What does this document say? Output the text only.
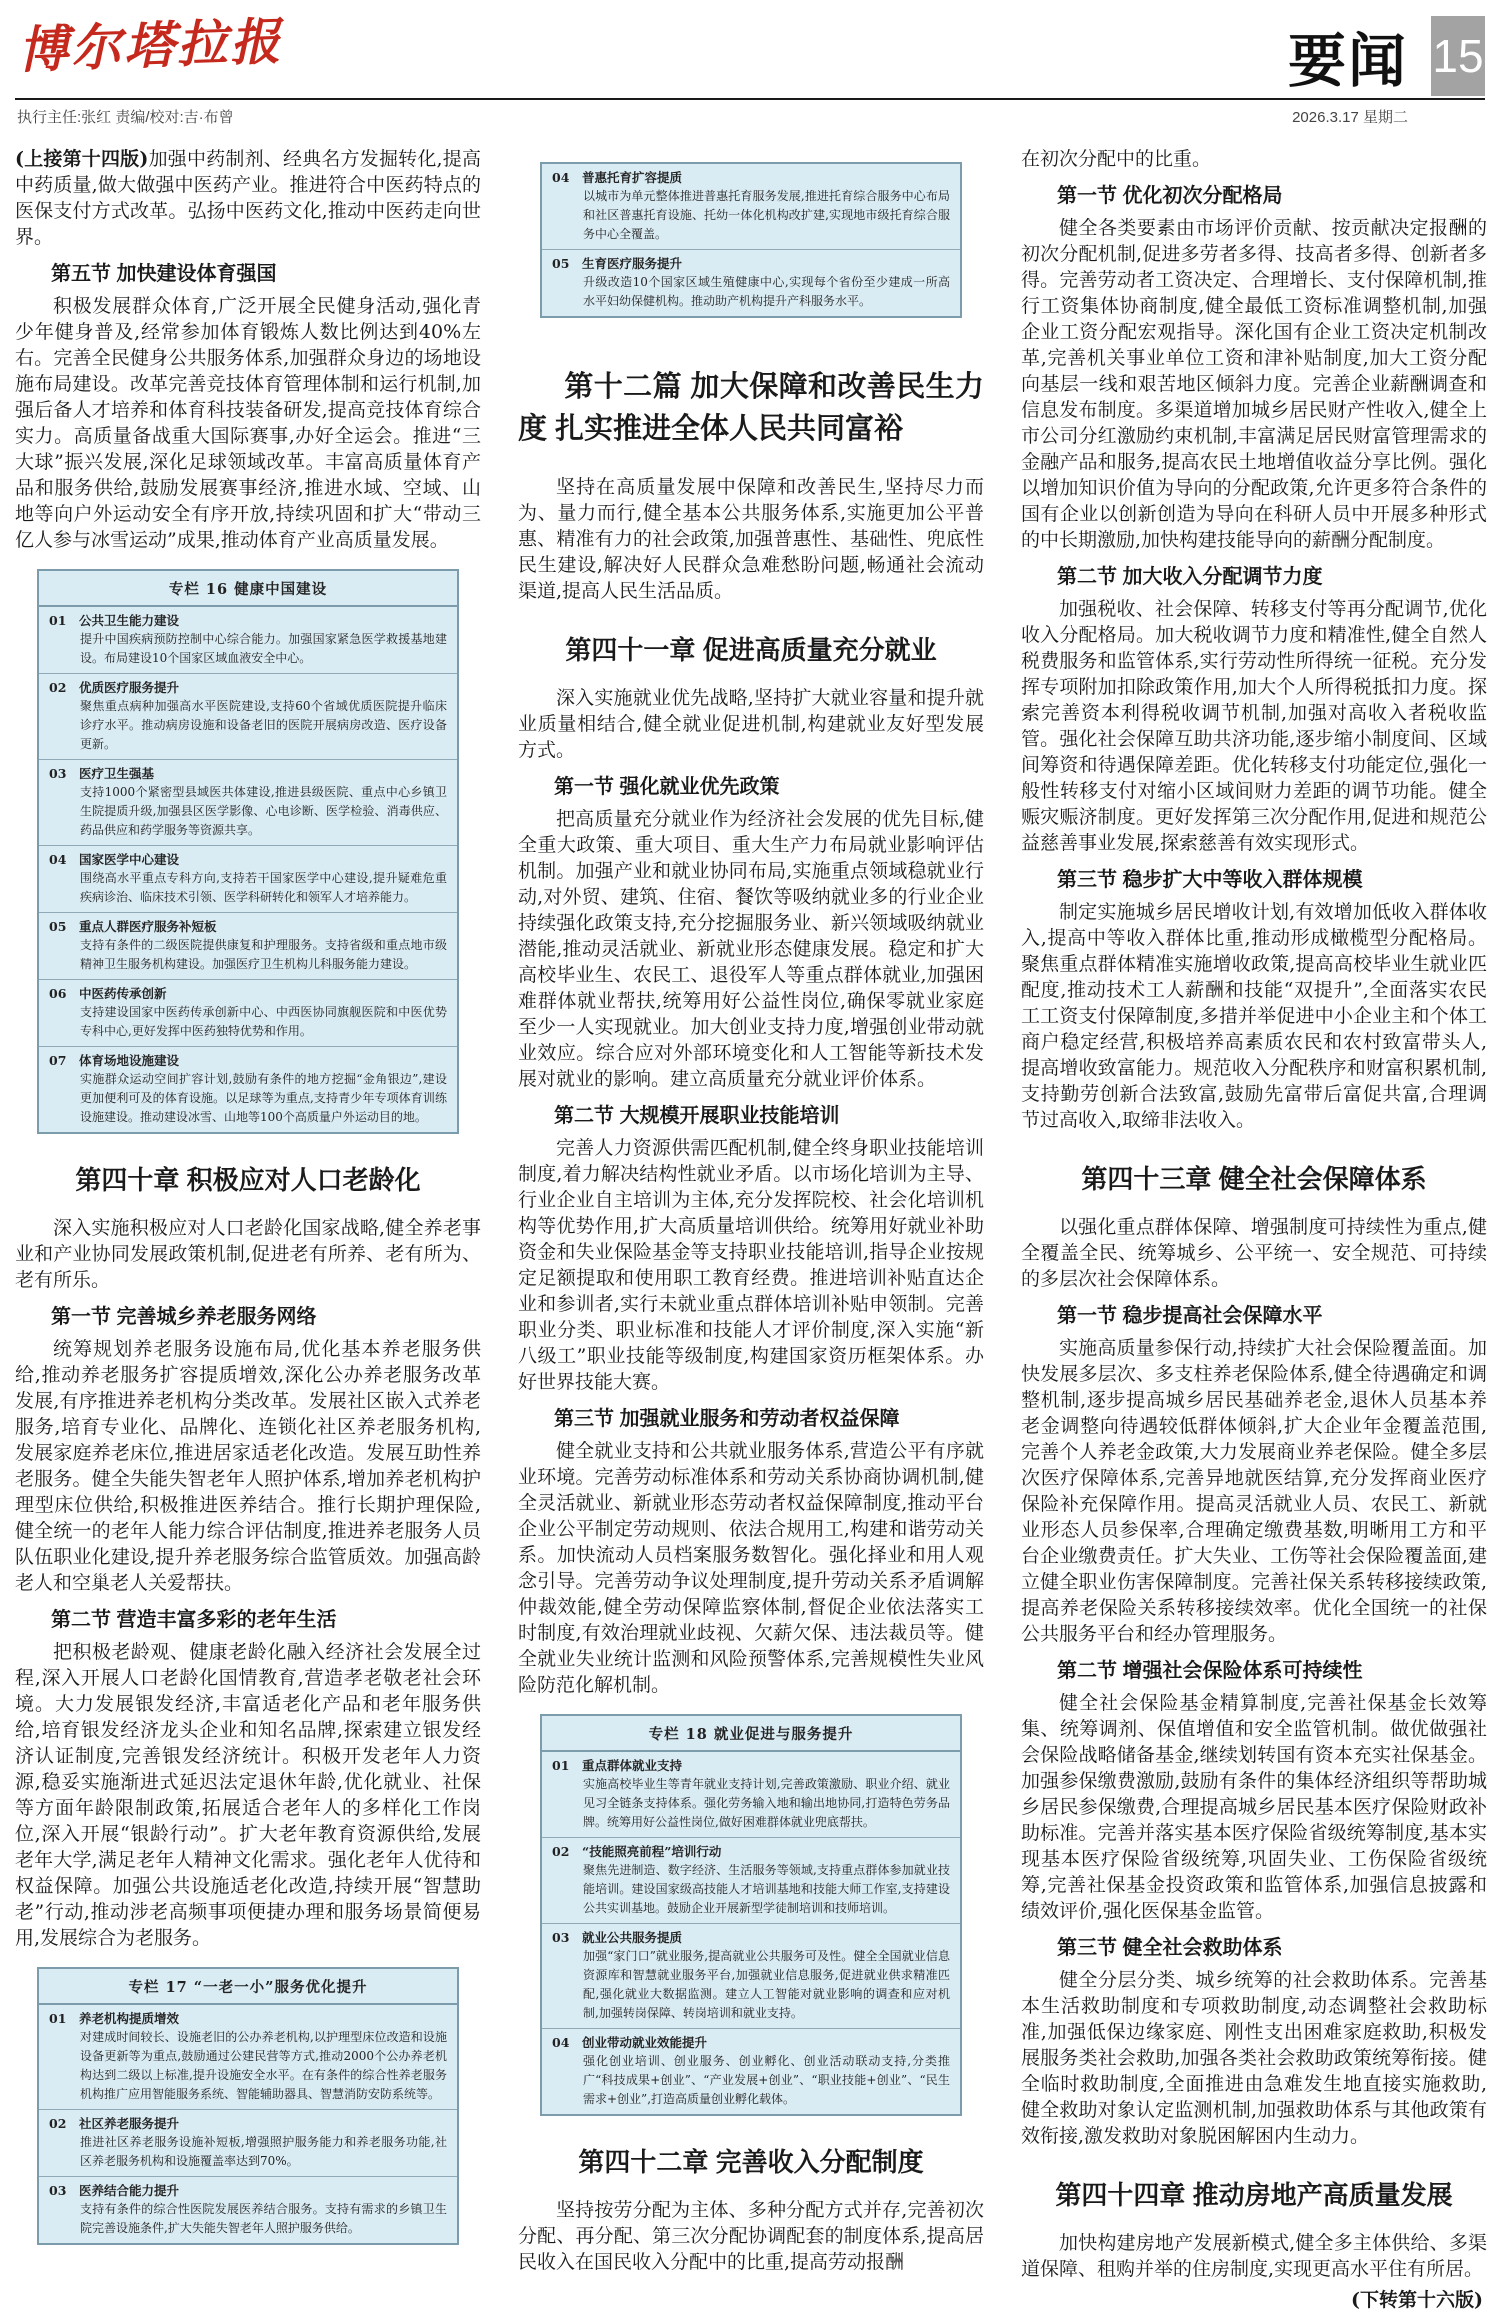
博尔塔拉报	要闻 15
执行主任:张红 责编/校对:吉·布曾	2026.3.17 星期二

(上接第十四版)加强中药制剂、经典名方发掘转化,提高中药质量,做大做强中医药产业。推进符合中医药特点的医保支付方式改革。弘扬中医药文化,推动中医药走向世界。

第五节 加快建设体育强国

积极发展群众体育,广泛开展全民健身活动,强化青少年健身普及,经常参加体育锻炼人数比例达到40%左右。完善全民健身公共服务体系,加强群众身边的场地设施布局建设。改革完善竞技体育管理体制和运行机制,加强后备人才培养和体育科技装备研发,提高竞技体育综合实力。高质量备战重大国际赛事,办好全运会。推进“三大球”振兴发展,深化足球领域改革。丰富高质量体育产品和服务供给,鼓励发展赛事经济,推进水域、空域、山地等向户外运动安全有序开放,持续巩固和扩大“带动三亿人参与冰雪运动”成果,推动体育产业高质量发展。

专栏 16 健康中国建设
01 公共卫生能力建设
提升中国疾病预防控制中心综合能力。加强国家紧急医学救援基地建设。布局建设10个国家区域血液安全中心。
02 优质医疗服务提升
聚焦重点病种加强高水平医院建设,支持60个省域优质医院提升临床诊疗水平。推动病房设施和设备老旧的医院开展病房改造、医疗设备更新。
03 医疗卫生强基
支持1000个紧密型县域医共体建设,推进县级医院、重点中心乡镇卫生院提质升级,加强县区医学影像、心电诊断、医学检验、消毒供应、药品供应和药学服务等资源共享。
04 国家医学中心建设
围绕高水平重点专科方向,支持若干国家医学中心建设,提升疑难危重疾病诊治、临床技术引领、医学科研转化和领军人才培养能力。
05 重点人群医疗服务补短板
支持有条件的二级医院提供康复和护理服务。支持省级和重点地市级精神卫生服务机构建设。加强医疗卫生机构儿科服务能力建设。
06 中医药传承创新
支持建设国家中医药传承创新中心、中西医协同旗舰医院和中医优势专科中心,更好发挥中医药独特优势和作用。
07 体育场地设施建设
实施群众运动空间扩容计划,鼓励有条件的地方挖掘“金角银边”,建设更加便利可及的体育设施。以足球等为重点,支持青少年专项体育训练设施建设。推动建设冰雪、山地等100个高质量户外运动目的地。
第四十章 积极应对人口老龄化

深入实施积极应对人口老龄化国家战略,健全养老事业和产业协同发展政策机制,促进老有所养、老有所为、老有所乐。

第一节 完善城乡养老服务网络

统筹规划养老服务设施布局,优化基本养老服务供给,推动养老服务扩容提质增效,深化公办养老服务改革发展,有序推进养老机构分类改革。发展社区嵌入式养老服务,培育专业化、品牌化、连锁化社区养老服务机构,发展家庭养老床位,推进居家适老化改造。发展互助性养老服务。健全失能失智老年人照护体系,增加养老机构护理型床位供给,积极推进医养结合。推行长期护理保险,健全统一的老年人能力综合评估制度,推进养老服务人员队伍职业化建设,提升养老服务综合监管质效。加强高龄老人和空巢老人关爱帮扶。

第二节 营造丰富多彩的老年生活

把积极老龄观、健康老龄化融入经济社会发展全过程,深入开展人口老龄化国情教育,营造孝老敬老社会环境。大力发展银发经济,丰富适老化产品和老年服务供给,培育银发经济龙头企业和知名品牌,探索建立银发经济认证制度,完善银发经济统计。积极开发老年人力资源,稳妥实施渐进式延迟法定退休年龄,优化就业、社保等方面年龄限制政策,拓展适合老年人的多样化工作岗位,深入开展“银龄行动”。扩大老年教育资源供给,发展老年大学,满足老年人精神文化需求。强化老年人优待和权益保障。加强公共设施适老化改造,持续开展“智慧助老”行动,推动涉老高频事项便捷办理和服务场景简便易用,发展综合为老服务。

专栏 17 “一老一小”服务优化提升
01 养老机构提质增效
对建成时间较长、设施老旧的公办养老机构,以护理型床位改造和设施设备更新等为重点,鼓励通过公建民营等方式,推动2000个公办养老机构达到二级以上标准,提升设施安全水平。在有条件的综合性养老服务机构推广应用智能服务系统、智能辅助器具、智慧消防安防系统等。
02 社区养老服务提升
推进社区养老服务设施补短板,增强照护服务能力和养老服务功能,社区养老服务机构和设施覆盖率达到70%。
03 医养结合能力提升
支持有条件的综合性医院发展医养结合服务。支持有需求的乡镇卫生院完善设施条件,扩大失能失智老年人照护服务供给。
04 普惠托育扩容提质
以城市为单元整体推进普惠托育服务发展,推进托育综合服务中心布局和社区普惠托育设施、托幼一体化机构改扩建,实现地市级托育综合服务中心全覆盖。
05 生育医疗服务提升
升级改造10个国家区域生殖健康中心,实现每个省份至少建成一所高水平妇幼保健机构。推动助产机构提升产科服务水平。
第十二篇 加大保障和改善民生力度 扎实推进全体人民共同富裕

坚持在高质量发展中保障和改善民生,坚持尽力而为、量力而行,健全基本公共服务体系,实施更加公平普惠、精准有力的社会政策,加强普惠性、基础性、兜底性民生建设,解决好人民群众急难愁盼问题,畅通社会流动渠道,提高人民生活品质。

第四十一章 促进高质量充分就业

深入实施就业优先战略,坚持扩大就业容量和提升就业质量相结合,健全就业促进机制,构建就业友好型发展方式。

第一节 强化就业优先政策

把高质量充分就业作为经济社会发展的优先目标,健全重大政策、重大项目、重大生产力布局就业影响评估机制。加强产业和就业协同布局,实施重点领域稳就业行动,对外贸、建筑、住宿、餐饮等吸纳就业多的行业企业持续强化政策支持,充分挖掘服务业、新兴领域吸纳就业潜能,推动灵活就业、新就业形态健康发展。稳定和扩大高校毕业生、农民工、退役军人等重点群体就业,加强困难群体就业帮扶,统筹用好公益性岗位,确保零就业家庭至少一人实现就业。加大创业支持力度,增强创业带动就业效应。综合应对外部环境变化和人工智能等新技术发展对就业的影响。建立高质量充分就业评价体系。

第二节 大规模开展职业技能培训

完善人力资源供需匹配机制,健全终身职业技能培训制度,着力解决结构性就业矛盾。以市场化培训为主导、行业企业自主培训为主体,充分发挥院校、社会化培训机构等优势作用,扩大高质量培训供给。统筹用好就业补助资金和失业保险基金等支持职业技能培训,指导企业按规定足额提取和使用职工教育经费。推进培训补贴直达企业和参训者,实行未就业重点群体培训补贴申领制。完善职业分类、职业标准和技能人才评价制度,深入实施“新八级工”职业技能等级制度,构建国家资历框架体系。办好世界技能大赛。

第三节 加强就业服务和劳动者权益保障

健全就业支持和公共就业服务体系,营造公平有序就业环境。完善劳动标准体系和劳动关系协商协调机制,健全灵活就业、新就业形态劳动者权益保障制度,推动平台企业公平制定劳动规则、依法合规用工,构建和谐劳动关系。加快流动人员档案服务数智化。强化择业和用人观念引导。完善劳动争议处理制度,提升劳动关系矛盾调解仲裁效能,健全劳动保障监察体制,督促企业依法落实工时制度,有效治理就业歧视、欠薪欠保、违法裁员等。健全就业失业统计监测和风险预警体系,完善规模性失业风险防范化解机制。

专栏 18 就业促进与服务提升
01 重点群体就业支持
实施高校毕业生等青年就业支持计划,完善政策激励、职业介绍、就业见习全链条支持体系。强化劳务输入地和输出地协同,打造特色劳务品牌。统筹用好公益性岗位,做好困难群体就业兜底帮扶。
02 “技能照亮前程”培训行动
聚焦先进制造、数字经济、生活服务等领域,支持重点群体参加就业技能培训。建设国家级高技能人才培训基地和技能大师工作室,支持建设公共实训基地。鼓励企业开展新型学徒制培训和技师培训。
03 就业公共服务提质
加强“家门口”就业服务,提高就业公共服务可及性。健全全国就业信息资源库和智慧就业服务平台,加强就业信息服务,促进就业供求精准匹配,强化就业大数据监测。建立人工智能对就业影响的调查和应对机制,加强转岗保障、转岗培训和就业支持。
04 创业带动就业效能提升
强化创业培训、创业服务、创业孵化、创业活动联动支持,分类推广“科技成果+创业”、“产业发展+创业”、“职业技能+创业”、“民生需求+创业”,打造高质量创业孵化载体。
第四十二章 完善收入分配制度

坚持按劳分配为主体、多种分配方式并存,完善初次分配、再分配、第三次分配协调配套的制度体系,提高居民收入在国民收入分配中的比重,提高劳动报酬

在初次分配中的比重。

第一节 优化初次分配格局

健全各类要素由市场评价贡献、按贡献决定报酬的初次分配机制,促进多劳者多得、技高者多得、创新者多得。完善劳动者工资决定、合理增长、支付保障机制,推行工资集体协商制度,健全最低工资标准调整机制,加强企业工资分配宏观指导。深化国有企业工资决定机制改革,完善机关事业单位工资和津补贴制度,加大工资分配向基层一线和艰苦地区倾斜力度。完善企业薪酬调查和信息发布制度。多渠道增加城乡居民财产性收入,健全上市公司分红激励约束机制,丰富满足居民财富管理需求的金融产品和服务,提高农民土地增值收益分享比例。强化以增加知识价值为导向的分配政策,允许更多符合条件的国有企业以创新创造为导向在科研人员中开展多种形式的中长期激励,加快构建技能导向的薪酬分配制度。

第二节 加大收入分配调节力度

加强税收、社会保障、转移支付等再分配调节,优化收入分配格局。加大税收调节力度和精准性,健全自然人税费服务和监管体系,实行劳动性所得统一征税。充分发挥专项附加扣除政策作用,加大个人所得税抵扣力度。探索完善资本利得税收调节机制,加强对高收入者税收监管。强化社会保障互助共济功能,逐步缩小制度间、区域间筹资和待遇保障差距。优化转移支付功能定位,强化一般性转移支付对缩小区域间财力差距的调节功能。健全赈灾赈济制度。更好发挥第三次分配作用,促进和规范公益慈善事业发展,探索慈善有效实现形式。

第三节 稳步扩大中等收入群体规模

制定实施城乡居民增收计划,有效增加低收入群体收入,提高中等收入群体比重,推动形成橄榄型分配格局。聚焦重点群体精准实施增收政策,提高高校毕业生就业匹配度,推动技术工人薪酬和技能“双提升”,全面落实农民工工资支付保障制度,多措并举促进中小企业主和个体工商户稳定经营,积极培养高素质农民和农村致富带头人,提高增收致富能力。规范收入分配秩序和财富积累机制,支持勤劳创新合法致富,鼓励先富带后富促共富,合理调节过高收入,取缔非法收入。

第四十三章 健全社会保障体系

以强化重点群体保障、增强制度可持续性为重点,健全覆盖全民、统筹城乡、公平统一、安全规范、可持续的多层次社会保障体系。

第一节 稳步提高社会保障水平

实施高质量参保行动,持续扩大社会保险覆盖面。加快发展多层次、多支柱养老保险体系,健全待遇确定和调整机制,逐步提高城乡居民基础养老金,退休人员基本养老金调整向待遇较低群体倾斜,扩大企业年金覆盖范围,完善个人养老金政策,大力发展商业养老保险。健全多层次医疗保障体系,完善异地就医结算,充分发挥商业医疗保险补充保障作用。提高灵活就业人员、农民工、新就业形态人员参保率,合理确定缴费基数,明晰用工方和平台企业缴费责任。扩大失业、工伤等社会保险覆盖面,建立健全职业伤害保障制度。完善社保关系转移接续政策,提高养老保险关系转移接续效率。优化全国统一的社保公共服务平台和经办管理服务。

第二节 增强社会保险体系可持续性

健全社会保险基金精算制度,完善社保基金长效筹集、统筹调剂、保值增值和安全监管机制。做优做强社会保险战略储备基金,继续划转国有资本充实社保基金。加强参保缴费激励,鼓励有条件的集体经济组织等帮助城乡居民参保缴费,合理提高城乡居民基本医疗保险财政补助标准。完善并落实基本医疗保险省级统筹制度,基本实现基本医疗保险省级统筹,巩固失业、工伤保险省级统筹,完善社保基金投资政策和监管体系,加强信息披露和绩效评价,强化医保基金监管。

第三节 健全社会救助体系

健全分层分类、城乡统筹的社会救助体系。完善基本生活救助制度和专项救助制度,动态调整社会救助标准,加强低保边缘家庭、刚性支出困难家庭救助,积极发展服务类社会救助,加强各类社会救助政策统筹衔接。健全临时救助制度,全面推进由急难发生地直接实施救助,健全救助对象认定监测机制,加强救助体系与其他政策有效衔接,激发救助对象脱困解困内生动力。

第四十四章 推动房地产高质量发展

加快构建房地产发展新模式,健全多主体供给、多渠道保障、租购并举的住房制度,实现更高水平住有所居。

(下转第十六版)
